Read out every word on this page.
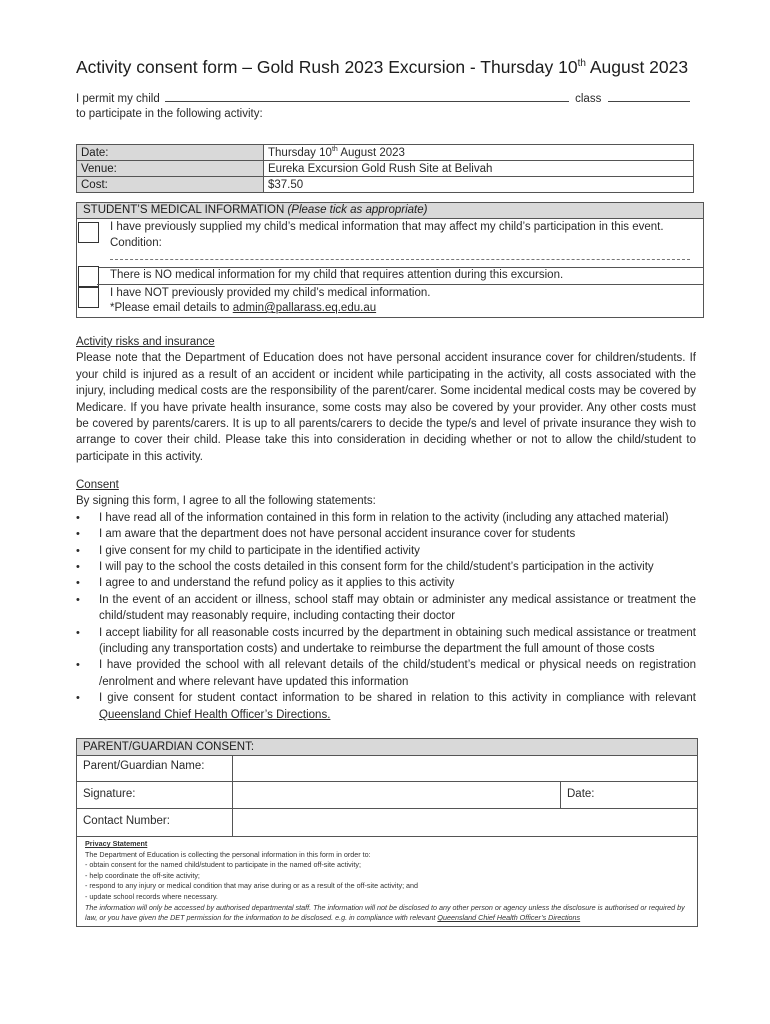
Activity consent form – Gold Rush 2023 Excursion - Thursday 10th August 2023
I permit my child	class
to participate in the following activity:
Date:	Thursday 10th August 2023
Venue:	Eureka Excursion Gold Rush Site at Belivah
Cost:	$37.50
STUDENT’S MEDICAL INFORMATION (Please tick as appropriate)
I have previously supplied my child’s medical information that may affect my child’s participation in this event.
Condition:
There is NO medical information for my child that requires attention during this excursion.
I have NOT previously provided my child’s medical information.
*Please email details to admin@pallarass.eq.edu.au
Activity risks and insurance

Please note that the Department of Education does not have personal accident insurance cover for children/students. If your child is injured as a result of an accident or incident while participating in the activity, all costs associated with the injury, including medical costs are the responsibility of the parent/carer. Some incidental medical costs may be covered by Medicare. If you have private health insurance, some costs may also be covered by your provider. Any other costs must be covered by parents/carers. It is up to all parents/carers to decide the type/s and level of private insurance they wish to arrange to cover their child. Please take this into consideration in deciding whether or not to allow the child/student to participate in this activity.

Consent
By signing this form, I agree to all the following statements:
• I have read all of the information contained in this form in relation to the activity (including any attached material)
• I am aware that the department does not have personal accident insurance cover for students
• I give consent for my child to participate in the identified activity
• I will pay to the school the costs detailed in this consent form for the child/student’s participation in the activity
• I agree to and understand the refund policy as it applies to this activity
• In the event of an accident or illness, school staff may obtain or administer any medical assistance or treatment the child/student may reasonably require, including contacting their doctor
• I accept liability for all reasonable costs incurred by the department in obtaining such medical assistance or treatment (including any transportation costs) and undertake to reimburse the department the full amount of those costs
• I have provided the school with all relevant details of the child/student’s medical or physical needs on registration /enrolment and where relevant have updated this information
• I give consent for student contact information to be shared in relation to this activity in compliance with relevant Queensland Chief Health Officer’s Directions.
PARENT/GUARDIAN CONSENT:
Parent/Guardian Name:
Signature:	Date:
Contact Number:
Privacy Statement
The Department of Education is collecting the personal information in this form in order to:
- obtain consent for the named child/student to participate in the named off-site activity;
- help coordinate the off-site activity;
- respond to any injury or medical condition that may arise during or as a result of the off-site activity; and
- update school records where necessary.
The information will only be accessed by authorised departmental staff. The information will not be disclosed to any other person or agency unless the disclosure is authorised or required by law, or you have given the DET permission for the information to be disclosed. e.g. in compliance with relevant Queensland Chief Health Officer’s Directions
